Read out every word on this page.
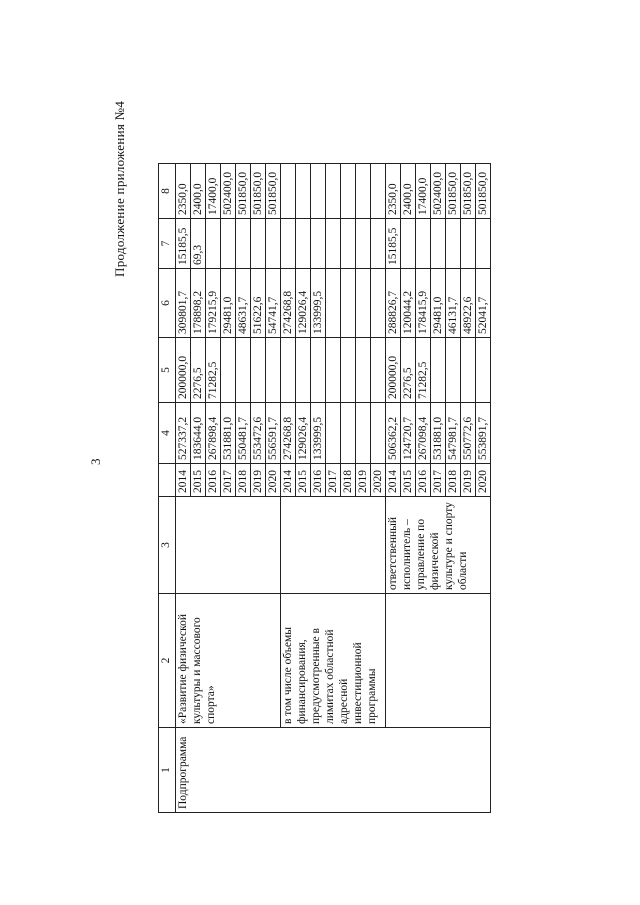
3
Продолжение приложения №4
1	2	3		4	5	6	7	8
Подпрограмма	«Развитие физической культуры и массового спорта»		2014	527337,2	200000,0	309801,7	15185,5	2350,0
			2015	183644,0	2276,5	178898,2	69,3	2400,0
			2016	267898,4	71282,5	179215,9		17400,0
			2017	531881,0		29481,0		502400,0
			2018	550481,7		48631,7		501850,0
			2019	553472,6		51622,6		501850,0
			2020	556591,7		54741,7		501850,0
	в том числе объемы финансирования, предусмотренные в лимитах областной адресной инвестиционной программы		2014	274268,8		274268,8		
			2015	129026,4		129026,4		
			2016	133999,5		133999,5		
			2017					
			2018					
			2019					
			2020					
		ответственный исполнитель – управление по физической культуре и спорту области	2014	506362,2	200000,0	288826,7	15185,5	2350,0
			2015	124720,7	2276,5	120044,2		2400,0
			2016	267098,4	71282,5	178415,9		17400,0
			2017	531881,0		29481,0		502400,0
			2018	547981,7		46131,7		501850,0
			2019	550772,6		48922,6		501850,0
			2020	553891,7		52041,7		501850,0
